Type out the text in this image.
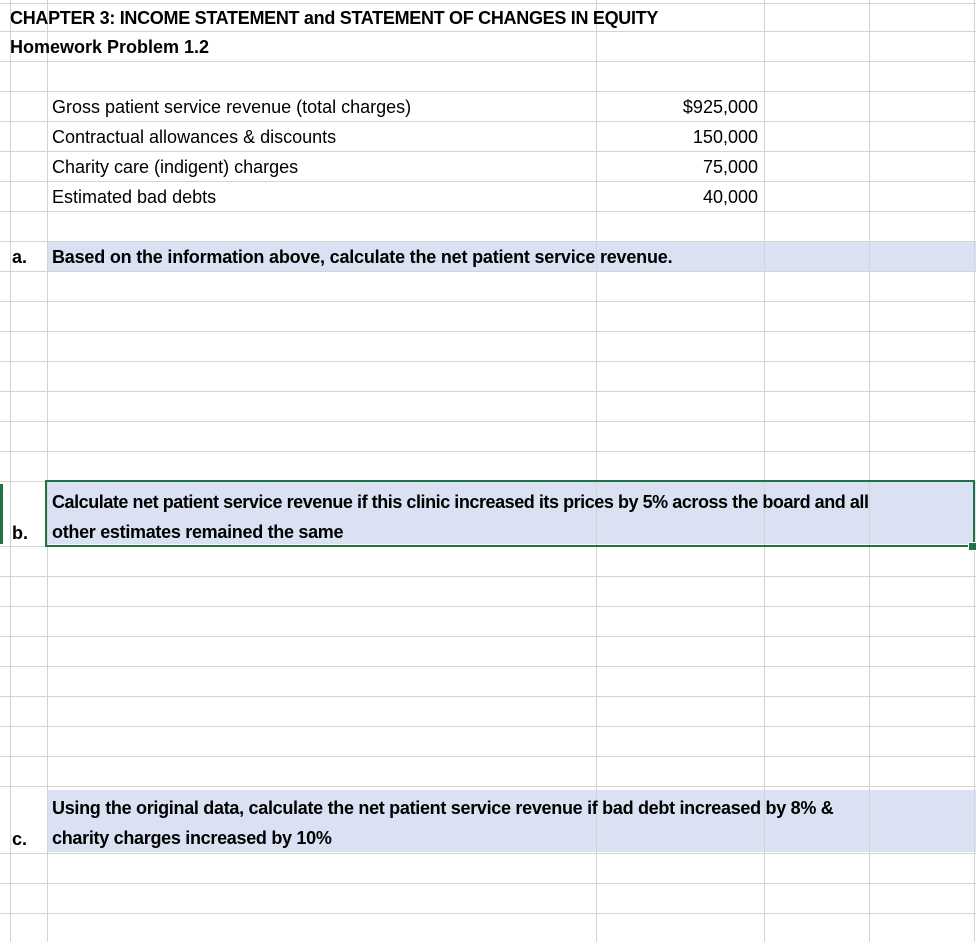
CHAPTER 3: INCOME STATEMENT and STATEMENT OF CHANGES IN EQUITY
Homework Problem 1.2
Gross patient service revenue (total charges)	$925,000
Contractual allowances & discounts	150,000
Charity care (indigent) charges	75,000
Estimated bad debts	40,000
a. Based on the information above, calculate the net patient service revenue.
b.
Calculate net patient service revenue if this clinic increased its prices by 5% across the board and all
other estimates remained the same
c.
Using the original data, calculate the net patient service revenue if bad debt increased by 8% &
charity charges increased by 10%
